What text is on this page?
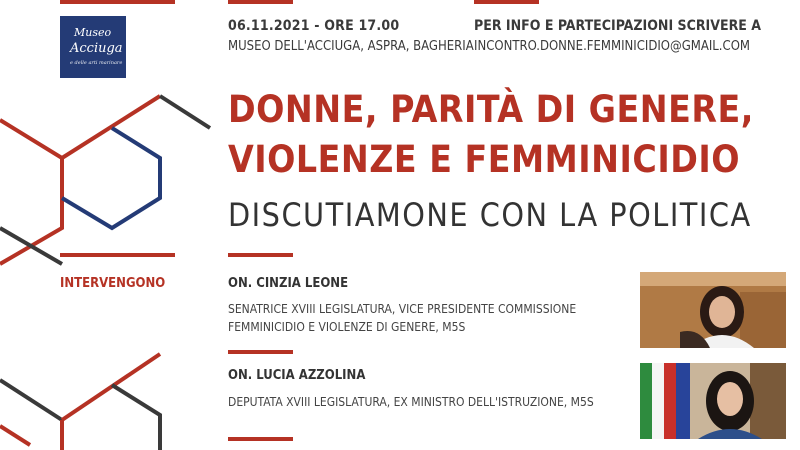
Museo
Acciuga
e delle arti marinare
06.11.2021 - ORE 17.00
MUSEO DELL'ACCIUGA, ASPRA, BAGHERIA
PER INFO E PARTECIPAZIONI SCRIVERE A
INCONTRO.DONNE.FEMMINICIDIO@GMAIL.COM
DONNE, PARITÀ DI GENERE,
VIOLENZE E FEMMINICIDIO
DISCUTIAMONE CON LA POLITICA
INTERVENGONO	ON. CINZIA LEONE
SENATRICE XVIII LEGISLATURA, VICE PRESIDENTE COMMISSIONE
FEMMINICIDIO E VIOLENZE DI GENERE, M5S
ON. LUCIA AZZOLINA
DEPUTATA XVIII LEGISLATURA, EX MINISTRO DELL'ISTRUZIONE, M5S
